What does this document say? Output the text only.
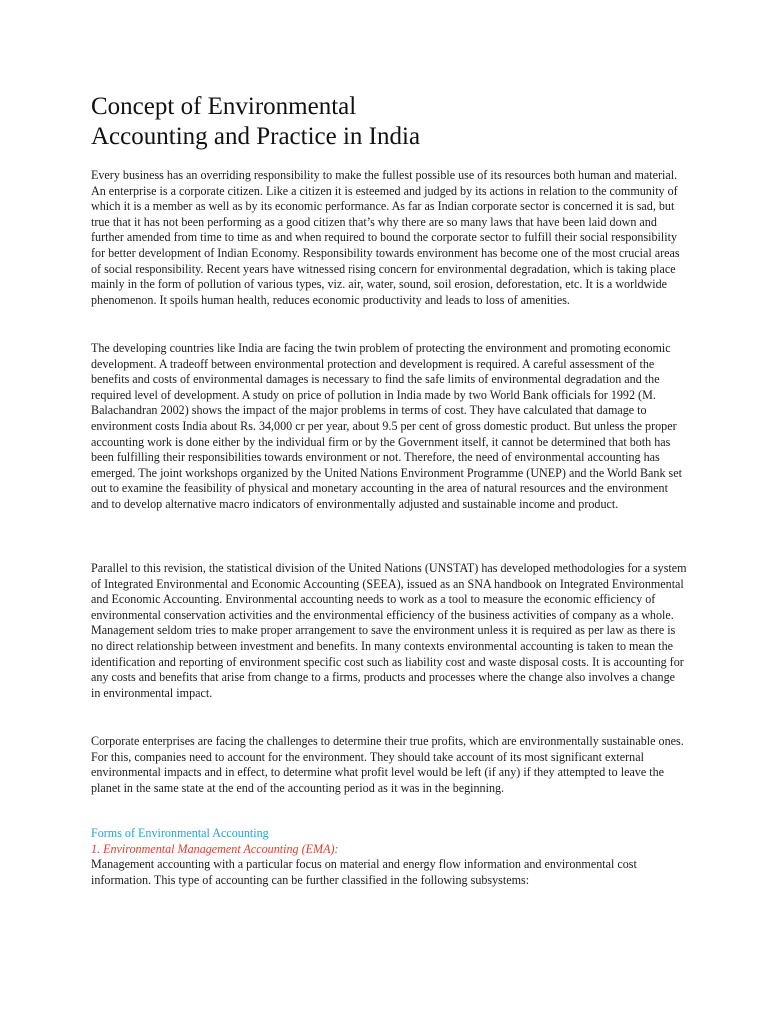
Concept of Environmental
Accounting and Practice in India

Every business has an overriding responsibility to make the fullest possible use of its resources both human and material. An enterprise is a corporate citizen. Like a citizen it is esteemed and judged by its actions in relation to the community of which it is a member as well as by its economic performance. As far as Indian corporate sector is concerned it is sad, but true that it has not been performing as a good citizen that’s why there are so many laws that have been laid down and further amended from time to time as and when required to bound the corporate sector to fulfill their social responsibility for better development of Indian Economy. Responsibility towards environment has become one of the most crucial areas of social responsibility. Recent years have witnessed rising concern for environmental degradation, which is taking place mainly in the form of pollution of various types, viz. air, water, sound, soil erosion, deforestation, etc. It is a worldwide phenomenon. It spoils human health, reduces economic productivity and leads to loss of amenities.

The developing countries like India are facing the twin problem of protecting the environment and promoting economic development. A tradeoff between environmental protection and development is required. A careful assessment of the benefits and costs of environmental damages is necessary to find the safe limits of environmental degradation and the required level of development. A study on price of pollution in India made by two World Bank officials for 1992 (M. Balachandran 2002) shows the impact of the major problems in terms of cost. They have calculated that damage to environment costs India about Rs. 34,000 cr per year, about 9.5 per cent of gross domestic product. But unless the proper accounting work is done either by the individual firm or by the Government itself, it cannot be determined that both has been fulfilling their responsibilities towards environment or not. Therefore, the need of environmental accounting has emerged. The joint workshops organized by the United Nations Environment Programme (UNEP) and the World Bank set out to examine the feasibility of physical and monetary accounting in the area of natural resources and the environment and to develop alternative macro indicators of environmentally adjusted and sustainable income and product.

Parallel to this revision, the statistical division of the United Nations (UNSTAT) has developed methodologies for a system of Integrated Environmental and Economic Accounting (SEEA), issued as an SNA handbook on Integrated Environmental and Economic Accounting. Environmental accounting needs to work as a tool to measure the economic efficiency of environmental conservation activities and the environmental efficiency of the business activities of company as a whole. Management seldom tries to make proper arrangement to save the environment unless it is required as per law as there is no direct relationship between investment and benefits. In many contexts environmental accounting is taken to mean the identification and reporting of environment specific cost such as liability cost and waste disposal costs. It is accounting for any costs and benefits that arise from change to a firms, products and processes where the change also involves a change in environmental impact.

Corporate enterprises are facing the challenges to determine their true profits, which are environmentally sustainable ones. For this, companies need to account for the environment. They should take account of its most significant external environmental impacts and in effect, to determine what profit level would be left (if any) if they attempted to leave the planet in the same state at the end of the accounting period as it was in the beginning.

Forms of Environmental Accounting
1. Environmental Management Accounting (EMA):

Management accounting with a particular focus on material and energy flow information and environmental cost information. This type of accounting can be further classified in the following subsystems:
